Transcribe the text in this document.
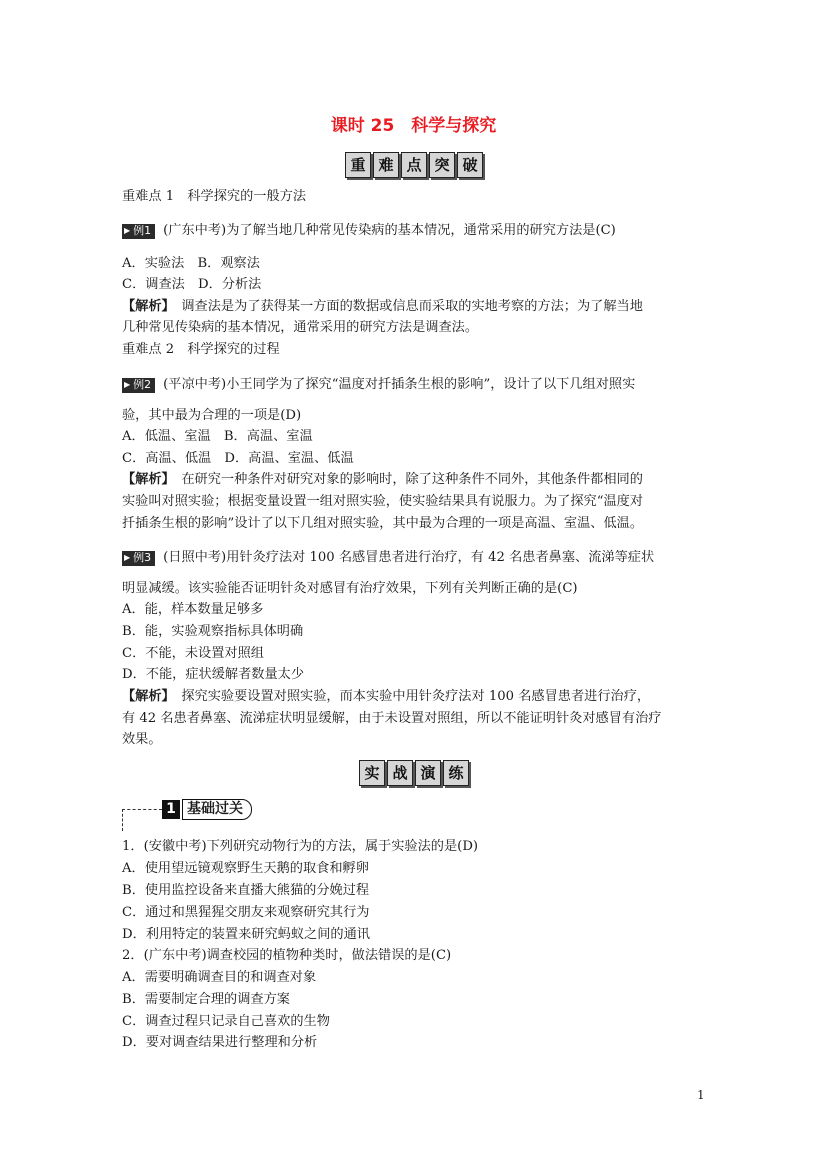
课时 25　科学与探究
重 难 点 突 破
重难点 1　科学探究的一般方法
▶ 例1 (广东中考)为了解当地几种常见传染病的基本情况，通常采用的研究方法是(C)
A．实验法　B．观察法
C．调查法　D．分析法
【解析】　调查法是为了获得某一方面的数据或信息而采取的实地考察的方法；为了解当地
几种常见传染病的基本情况，通常采用的研究方法是调查法。
重难点 2　科学探究的过程
▶ 例2 (平凉中考)小王同学为了探究“温度对扦插条生根的影响”，设计了以下几组对照实
验，其中最为合理的一项是(D)
A．低温、室温　B．高温、室温
C．高温、低温　D．高温、室温、低温
【解析】　在研究一种条件对研究对象的影响时，除了这种条件不同外，其他条件都相同的
实验叫对照实验；根据变量设置一组对照实验，使实验结果具有说服力。为了探究“温度对
扦插条生根的影响”设计了以下几组对照实验，其中最为合理的一项是高温、室温、低温。
▶ 例3 (日照中考)用针灸疗法对 100 名感冒患者进行治疗，有 42 名患者鼻塞、流涕等症状
明显减缓。该实验能否证明针灸对感冒有治疗效果，下列有关判断正确的是(C)
A．能，样本数量足够多
B．能，实验观察指标具体明确
C．不能，未设置对照组
D．不能，症状缓解者数量太少
【解析】　探究实验要设置对照实验，而本实验中用针灸疗法对 100 名感冒患者进行治疗，
有 42 名患者鼻塞、流涕症状明显缓解，由于未设置对照组，所以不能证明针灸对感冒有治疗
效果。
实 战 演 练
1 基础过关
1．(安徽中考)下列研究动物行为的方法，属于实验法的是(D)
A．使用望远镜观察野生天鹅的取食和孵卵
B．使用监控设备来直播大熊猫的分娩过程
C．通过和黑猩猩交朋友来观察研究其行为
D．利用特定的装置来研究蚂蚁之间的通讯
2．(广东中考)调查校园的植物种类时，做法错误的是(C)
A．需要明确调查目的和调查对象
B．需要制定合理的调查方案
C．调查过程只记录自己喜欢的生物
D．要对调查结果进行整理和分析
1
